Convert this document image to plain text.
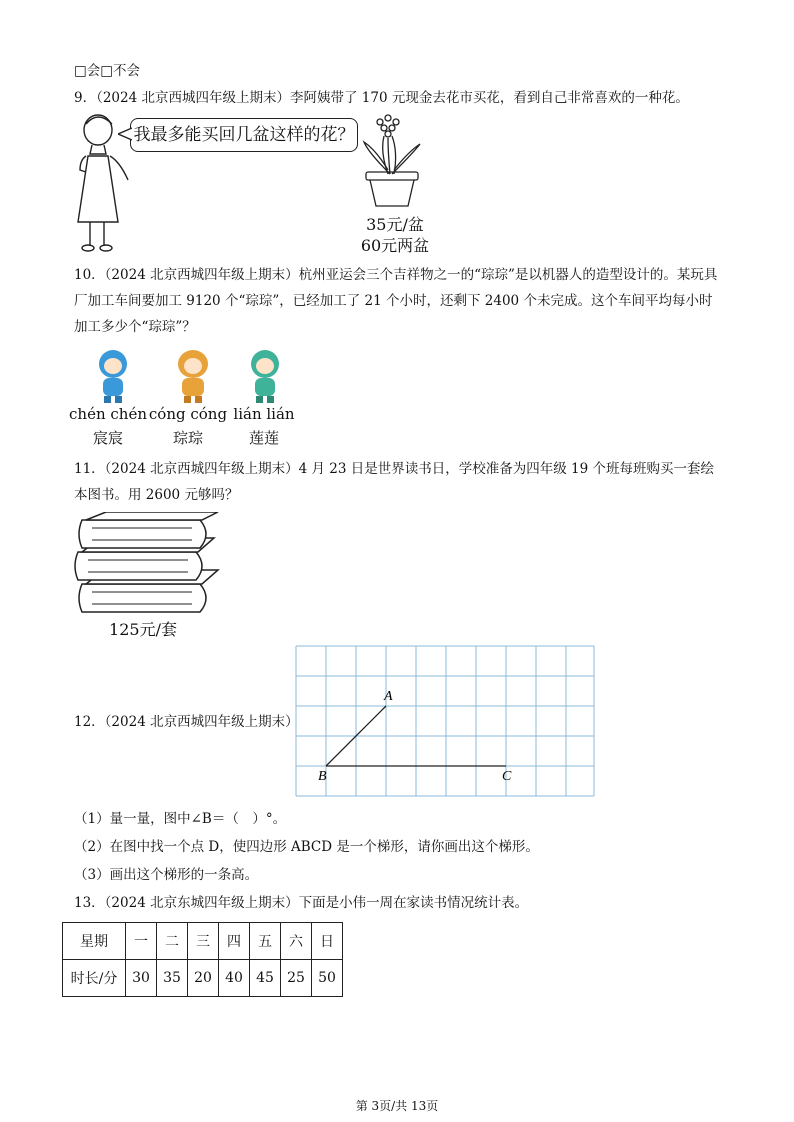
□会□不会
9．（2024 北京西城四年级上期末）李阿姨带了 170 元现金去花市买花，看到自己非常喜欢的一种花。
我最多能买回几盆这样的花？
35元/盆
60元两盆
10．（2024 北京西城四年级上期末）杭州亚运会三个吉祥物之一的“琮琮”是以机器人的造型设计的。某玩具厂加工车间要加工 9120 个“琮琮”，已经加工了 21 个小时，还剩下 2400 个未完成。这个车间平均每小时加工多少个“琮琮”？
chén chén cóng cóng lián lián
宸宸	琮琮	莲莲
11．（2024 北京西城四年级上期末）4 月 23 日是世界读书日，学校准备为四年级 19 个班每班购买一套绘本图书。用 2600 元够吗？
125元/套
12．（2024 北京西城四年级上期末）
A
B	C
（1）量一量，图中∠B＝（　）°。
（2）在图中找一个点 D，使四边形 ABCD 是一个梯形，请你画出这个梯形。
（3）画出这个梯形的一条高。
13．（2024 北京东城四年级上期末）下面是小伟一周在家读书情况统计表。
星期	一	二	三	四	五	六	日
时长/分	30	35	20	40	45	25	50
第 3页/共 13页
